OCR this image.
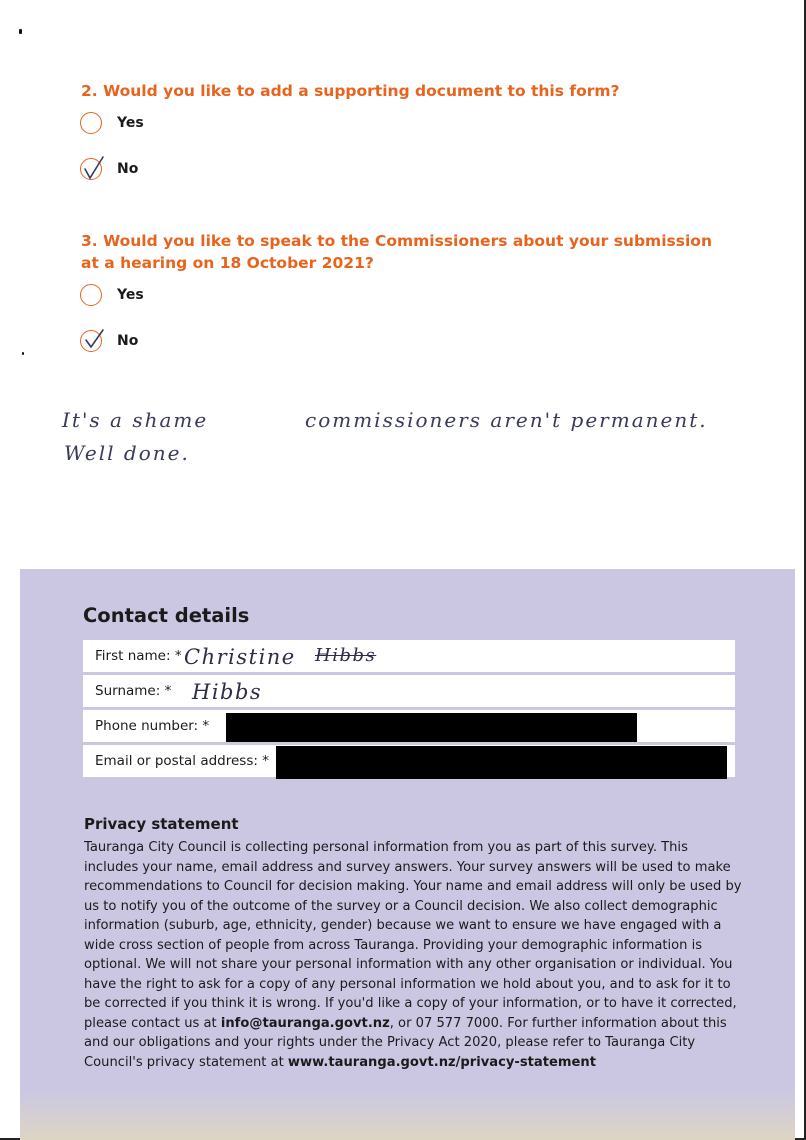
2. Would you like to add a supporting document to this form?
Yes
No
3. Would you like to speak to the Commissioners about your submission at a hearing on 18 October 2021?
Yes
No
It's a shame	commissioners aren't permanent.
Well done.
Contact details
First name: * Christine Hibbs
Surname: * Hibbs
Phone number: *
Email or postal address: *
Privacy statement
Tauranga City Council is collecting personal information from you as part of this survey. This includes your name, email address and survey answers. Your survey answers will be used to make recommendations to Council for decision making. Your name and email address will only be used by us to notify you of the outcome of the survey or a Council decision. We also collect demographic information (suburb, age, ethnicity, gender) because we want to ensure we have engaged with a wide cross section of people from across Tauranga. Providing your demographic information is optional. We will not share your personal information with any other organisation or individual. You have the right to ask for a copy of any personal information we hold about you, and to ask for it to be corrected if you think it is wrong. If you'd like a copy of your information, or to have it corrected, please contact us at info@tauranga.govt.nz, or 07 577 7000. For further information about this and our obligations and your rights under the Privacy Act 2020, please refer to Tauranga City Council's privacy statement at www.tauranga.govt.nz/privacy-statement
